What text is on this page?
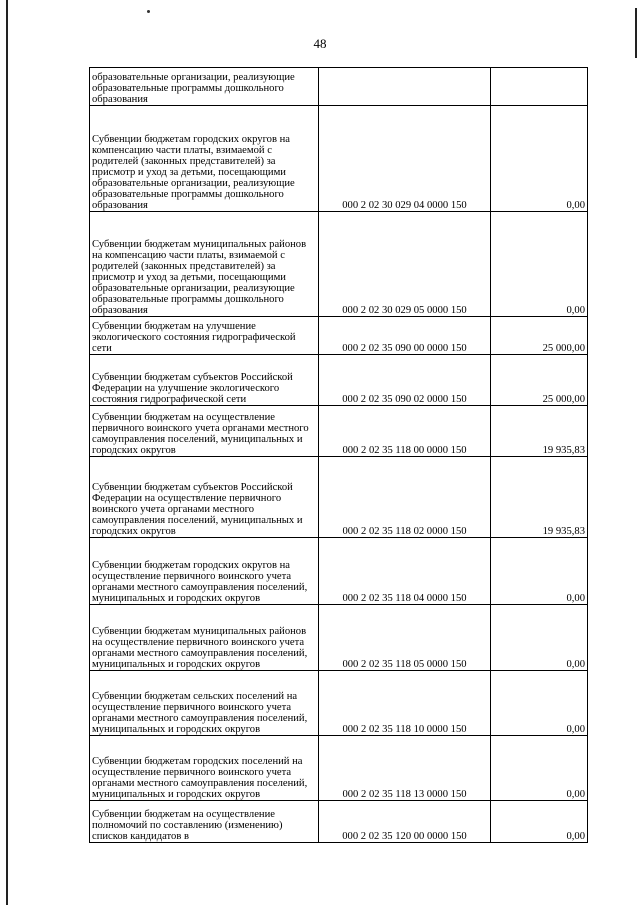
48
образовательные организации, реализующие образовательные программы дошкольного образования		
Субвенции бюджетам городских округов на компенсацию части платы, взимаемой с родителей (законных представителей) за присмотр и уход за детьми, посещающими образовательные организации, реализующие образовательные программы дошкольного образования	000 2 02 30 029 04 0000 150	0,00
Субвенции бюджетам муниципальных районов на компенсацию части платы, взимаемой с родителей (законных представителей) за присмотр и уход за детьми, посещающими образовательные организации, реализующие образовательные программы дошкольного образования	000 2 02 30 029 05 0000 150	0,00
Субвенции бюджетам на улучшение экологического состояния гидрографической сети	000 2 02 35 090 00 0000 150	25 000,00
Субвенции бюджетам субъектов Российской Федерации на улучшение экологического состояния гидрографической сети	000 2 02 35 090 02 0000 150	25 000,00
Субвенции бюджетам на осуществление первичного воинского учета органами местного самоуправления поселений, муниципальных и городских округов	000 2 02 35 118 00 0000 150	19 935,83
Субвенции бюджетам субъектов Российской Федерации на осуществление первичного воинского учета органами местного самоуправления поселений, муниципальных и городских округов	000 2 02 35 118 02 0000 150	19 935,83
Субвенции бюджетам городских округов на осуществление первичного воинского учета органами местного самоуправления поселений, муниципальных и городских округов	000 2 02 35 118 04 0000 150	0,00
Субвенции бюджетам муниципальных районов на осуществление первичного воинского учета органами местного самоуправления поселений, муниципальных и городских округов	000 2 02 35 118 05 0000 150	0,00
Субвенции бюджетам сельских поселений на осуществление первичного воинского учета органами местного самоуправления поселений, муниципальных и городских округов	000 2 02 35 118 10 0000 150	0,00
Субвенции бюджетам городских поселений на осуществление первичного воинского учета органами местного самоуправления поселений, муниципальных и городских округов	000 2 02 35 118 13 0000 150	0,00
Субвенции бюджетам на осуществление полномочий по составлению (изменению) списков кандидатов в	000 2 02 35 120 00 0000 150	0,00
